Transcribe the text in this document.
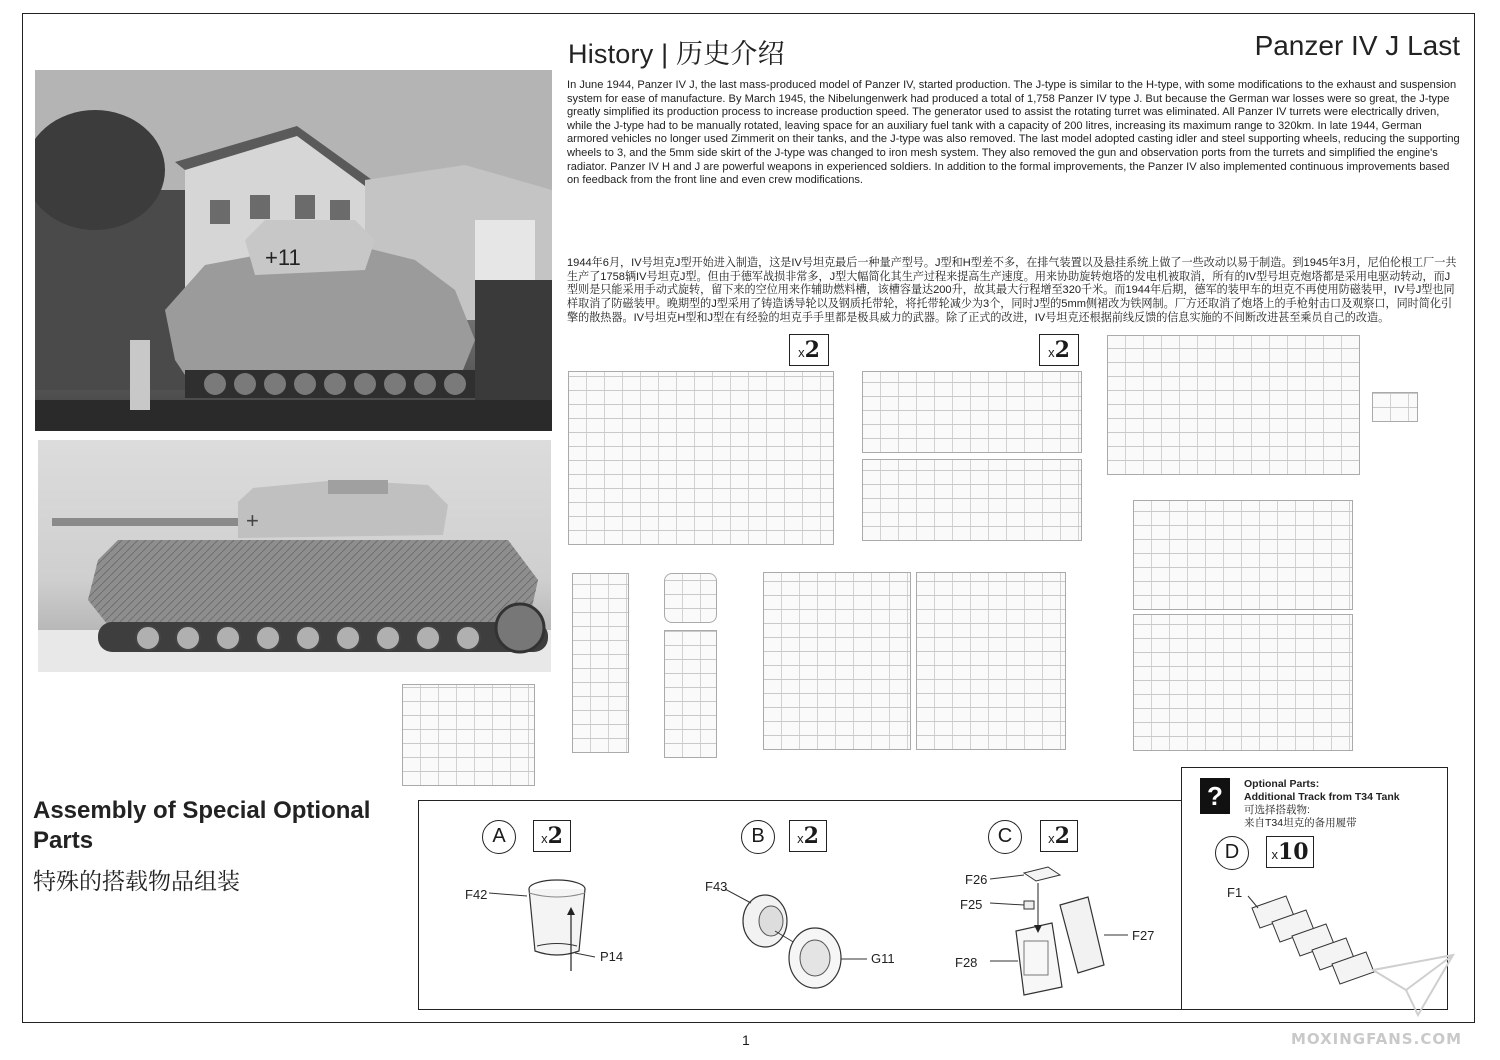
History | 历史介绍	Panzer IV J Last
In June 1944, Panzer IV J, the last mass-produced model of Panzer IV, started production. The J-type is similar to the H-type, with some modifications to the exhaust and suspension system for ease of manufacture. By March 1945, the Nibelungenwerk had produced a total of 1,758 Panzer IV type J. But because the German war losses were so great, the J-type greatly simplified its production process to increase production speed. The generator used to assist the rotating turret was eliminated. All Panzer IV turrets were electrically driven, while the J-type had to be manually rotated, leaving space for an auxiliary fuel tank with a capacity of 200 litres, increasing its maximum range to 320km. In late 1944, German armored vehicles no longer used Zimmerit on their tanks, and the J-type was also removed. The last model adopted casting idler and steel supporting wheels, reducing the supporting wheels to 3, and the 5mm side skirt of the J-type was changed to iron mesh system. They also removed the gun and observation ports from the turrets and simplified the engine's radiator. Panzer IV H and J are powerful weapons in experienced soldiers. In addition to the formal improvements, the Panzer IV also implemented continuous improvements based on feedback from the front line and even crew modifications.
1944年6月，IV号坦克J型开始进入制造，这是IV号坦克最后一种量产型号。J型和H型差不多，在排气装置以及悬挂系统上做了一些改动以易于制造。到1945年3月，尼伯伦根工厂一共生产了1758辆IV号坦克J型。但由于德军战损非常多，J型大幅简化其生产过程来提高生产速度。用来协助旋转炮塔的发电机被取消，所有的IV型号坦克炮塔都是采用电驱动转动，而J型则是只能采用手动式旋转，留下来的空位用来作辅助燃料槽，该槽容量达200升，故其最大行程增至320千米。而1944年后期，德军的装甲车的坦克不再使用防磁装甲，IV号J型也同样取消了防磁装甲。晚期型的J型采用了铸造诱导轮以及钢质托带轮，将托带轮减少为3个，同时J型的5mm侧裙改为铁网制。厂方还取消了炮塔上的手枪射击口及观察口，同时简化引擎的散热器。IV号坦克H型和J型在有经验的坦克手手里都是极具威力的武器。除了正式的改进，IV号坦克还根据前线反馈的信息实施的不间断改进甚至乘员自己的改造。
+11
+
x2	x2
Assembly of Special Optional Parts
特殊的搭载物品组装
A	x2
F42
P14
B	x2
F43
G11
C	x2
F26
F25
F27
F28
?	Optional Parts:
Additional Track from T34 Tank
可选择搭载物:
来自T34坦克的备用履带
D	x10
F1
1	MOXINGFANS.COM
